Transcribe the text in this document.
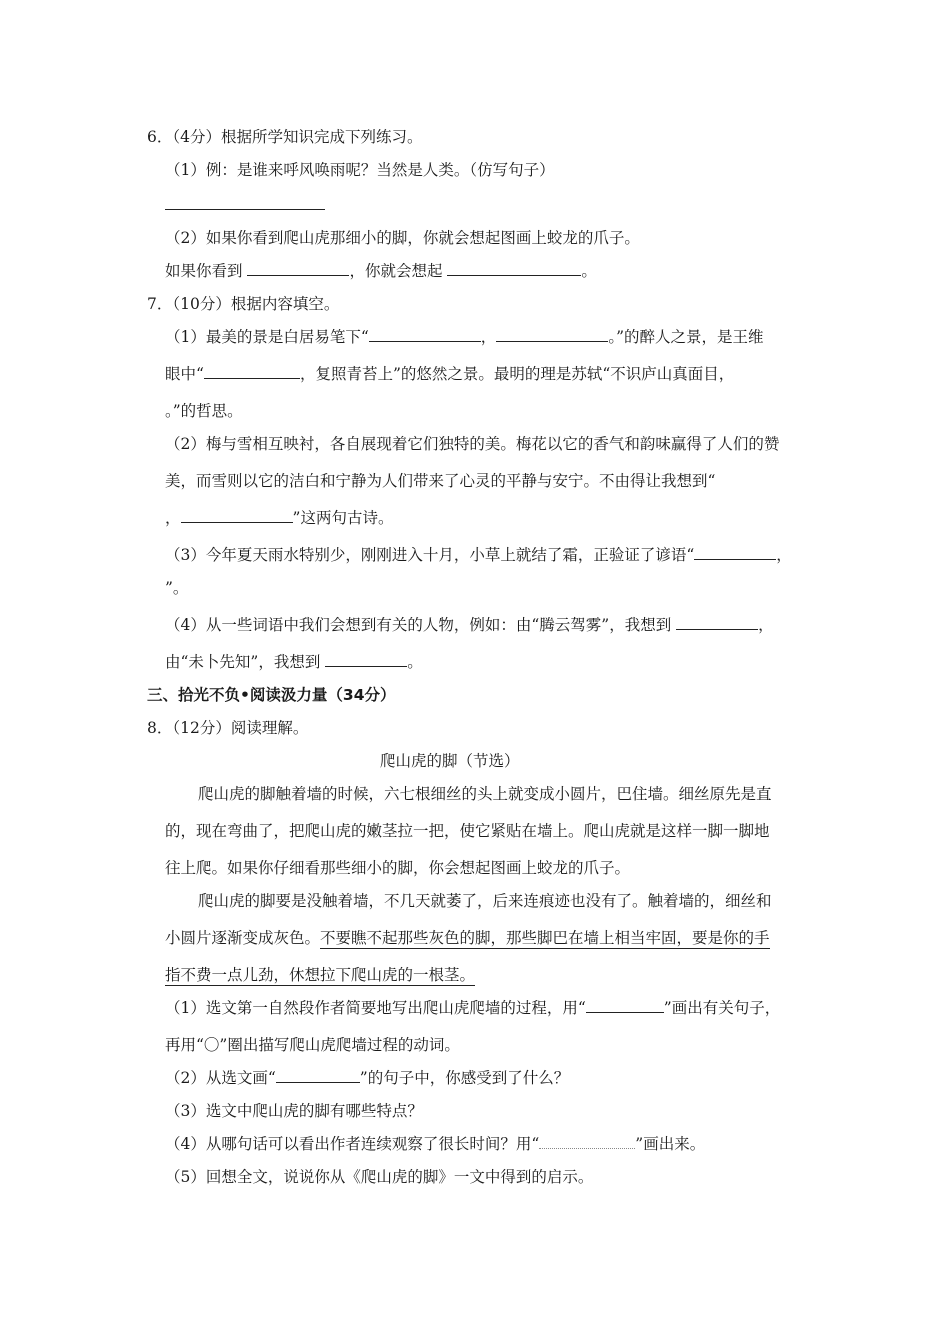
6．（4分）根据所学知识完成下列练习。
（1）例：是谁来呼风唤雨呢？当然是人类。（仿写句子）
（2）如果你看到爬山虎那细小的脚，你就会想起图画上蛟龙的爪子。
如果你看到	，你就会想起	。
7．（10分）根据内容填空。
（1）最美的景是白居易笔下“	，	。”的醉人之景，是王维
眼中“	，复照青苔上”的悠然之景。最明的理是苏轼“不识庐山真面目，
。”的哲思。
（2）梅与雪相互映衬，各自展现着它们独特的美。梅花以它的香气和韵味赢得了人们的赞
美，而雪则以它的洁白和宁静为人们带来了心灵的平静与安宁。不由得让我想到“
，	”这两句古诗。
（3）今年夏天雨水特别少，刚刚进入十月，小草上就结了霜，正验证了谚语“	，
”。
（4）从一些词语中我们会想到有关的人物，例如：由“腾云驾雾”，我想到	，
由“未卜先知”，我想到	。
三、拾光不负•阅读汲力量（34分）
8．（12分）阅读理解。
爬山虎的脚（节选）
爬山虎的脚触着墙的时候，六七根细丝的头上就变成小圆片，巴住墙。细丝原先是直
的，现在弯曲了，把爬山虎的嫩茎拉一把，使它紧贴在墙上。爬山虎就是这样一脚一脚地
往上爬。如果你仔细看那些细小的脚，你会想起图画上蛟龙的爪子。
爬山虎的脚要是没触着墙，不几天就萎了，后来连痕迹也没有了。触着墙的，细丝和
小圆片逐渐变成灰色。不要瞧不起那些灰色的脚，那些脚巴在墙上相当牢固，要是你的手
指不费一点儿劲，休想拉下爬山虎的一根茎。
（1）选文第一自然段作者简要地写出爬山虎爬墙的过程，用“	”画出有关句子，
再用“〇”圈出描写爬山虎爬墙过程的动词。
（2）从选文画“	”的句子中，你感受到了什么？
（3）选文中爬山虎的脚有哪些特点？
（4）从哪句话可以看出作者连续观察了很长时间？用“	”画出来。
（5）回想全文，说说你从《爬山虎的脚》一文中得到的启示。
